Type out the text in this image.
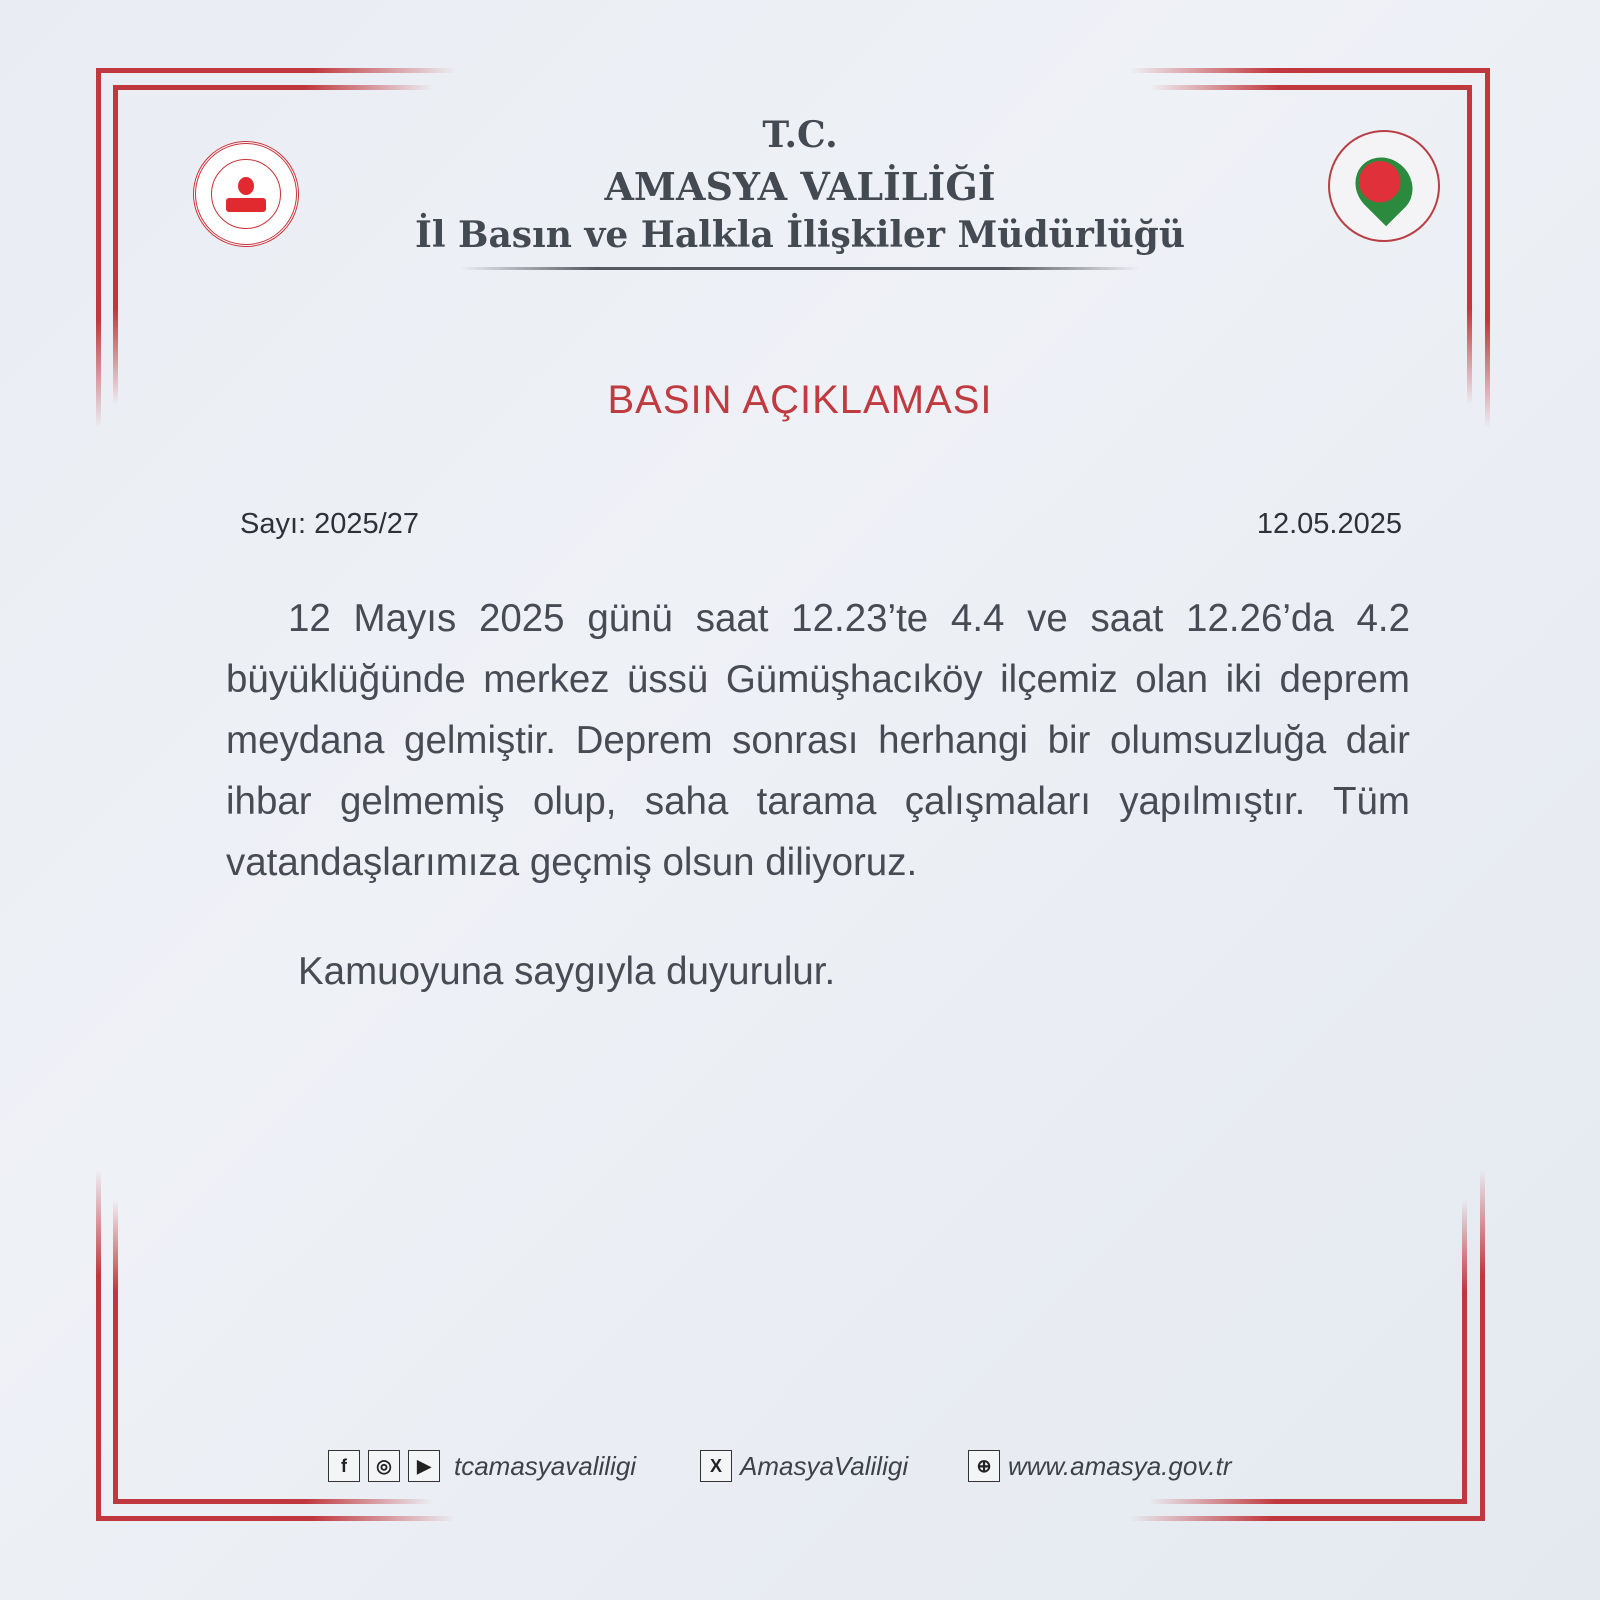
T.C.
AMASYA VALİLİĞİ
İl Basın ve Halkla İlişkiler Müdürlüğü
BASIN AÇIKLAMASI
Sayı: 2025/27	12.05.2025
12 Mayıs 2025 günü saat 12.23’te 4.4 ve saat 12.26’da 4.2 büyüklüğünde merkez üssü Gümüşhacıköy ilçemiz olan iki deprem meydana gelmiştir. Deprem sonrası herhangi bir olumsuzluğa dair ihbar gelmemiş olup, saha tarama çalışmaları yapılmıştır. Tüm vatandaşlarımıza geçmiş olsun diliyoruz.
Kamuoyuna saygıyla duyurulur.
f	◎	▶ tcamasyavaliligi	X AmasyaValiligi	⊕ www.amasya.gov.tr
